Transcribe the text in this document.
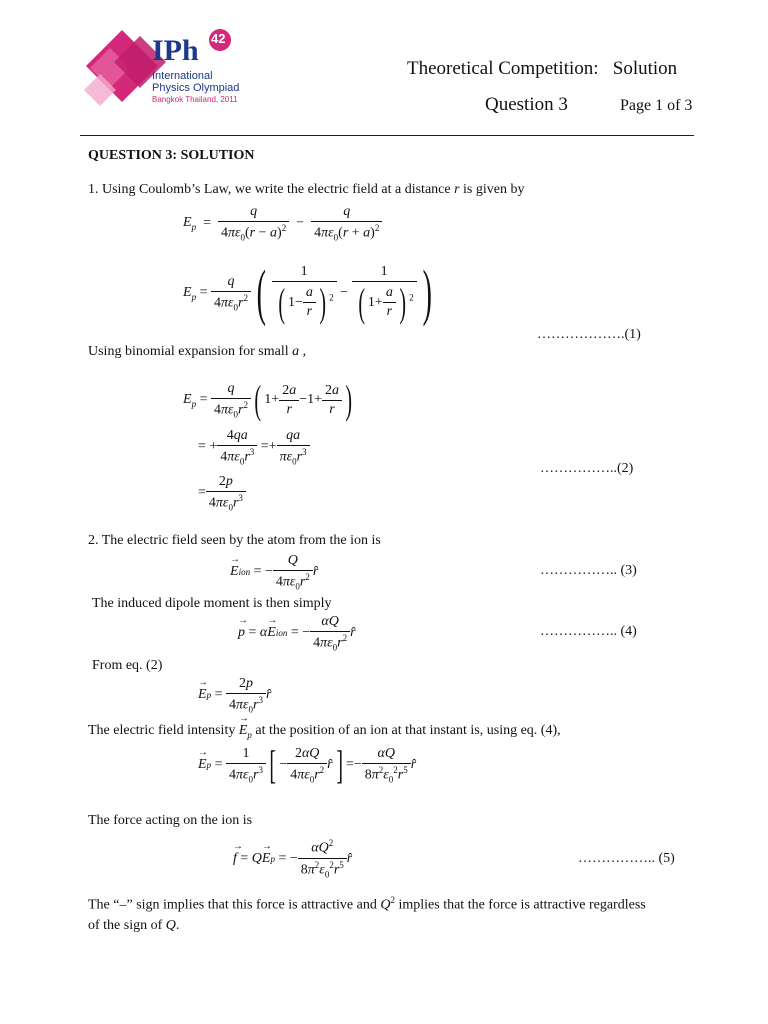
IPh 42
International
Physics Olympiad
Bangkok Thailand, 2011
Theoretical Competition:   Solution
Question 3	Page 1 of 3
QUESTION 3: SOLUTION
1. Using Coulomb’s Law, we write the electric field at a distance r is given by
$E_p = \frac{q}{4\pi\varepsilon_0(r - a)^2} - \frac{q}{4\pi\varepsilon_0(r + a)^2}$
$E_p = \frac{q}{4\pi\varepsilon_0r^2}$ ( $\frac{1}{( 1- \frac{a}{r} ) ^2} - \frac{1}{( 1+ \frac{a}{r} ) ^2}$ )
……………….(1)
Using binomial expansion for small a ,
$E_p = \frac{q}{4\pi\varepsilon_0r^2}$ ( $1+ \frac{2a}{r} -1+ \frac{2a}{r}$ )
= + $\frac{4qa}{4\pi\varepsilon_0r^3} =+ \frac{qa}{\pi\varepsilon_0r^3}$
……………..(2)
= $\frac{2p}{4\pi\varepsilon_0r^3}$
2. The electric field seen by the atom from the ion is
→ E ion = − $\frac{Q}{4\pi\varepsilon_0r^2}$ r̂	…………….. (3)
The induced dipole moment is then simply
→ p = α → E ion = − $\frac{\alpha Q}{4\pi\varepsilon_0r^2}$ r̂	…………….. (4)
From eq. (2)
→ E $p = \frac{2p}{4\pi\varepsilon_0r^3}$ r̂
The electric field intensity → $E_p$ at the position of an ion at that instant is, using eq. (4),
→ E $p = \frac{1}{4\pi\varepsilon_0r^3}$ [ − $\frac{2\alpha Q}{4\pi\varepsilon_0r^2}$ r̂ ] =− $\frac{\alpha Q}{8\pi^2\varepsilon_0^2r^5}$ r̂
The force acting on the ion is
→ f = Q → E p = − $\frac{\alpha Q^2}{8\pi^2\varepsilon_0^2r^5}$ r̂	…………….. (5)
The “–” sign implies that this force is attractive and $Q^2$ implies that the force is attractive regardless
of the sign of Q.
